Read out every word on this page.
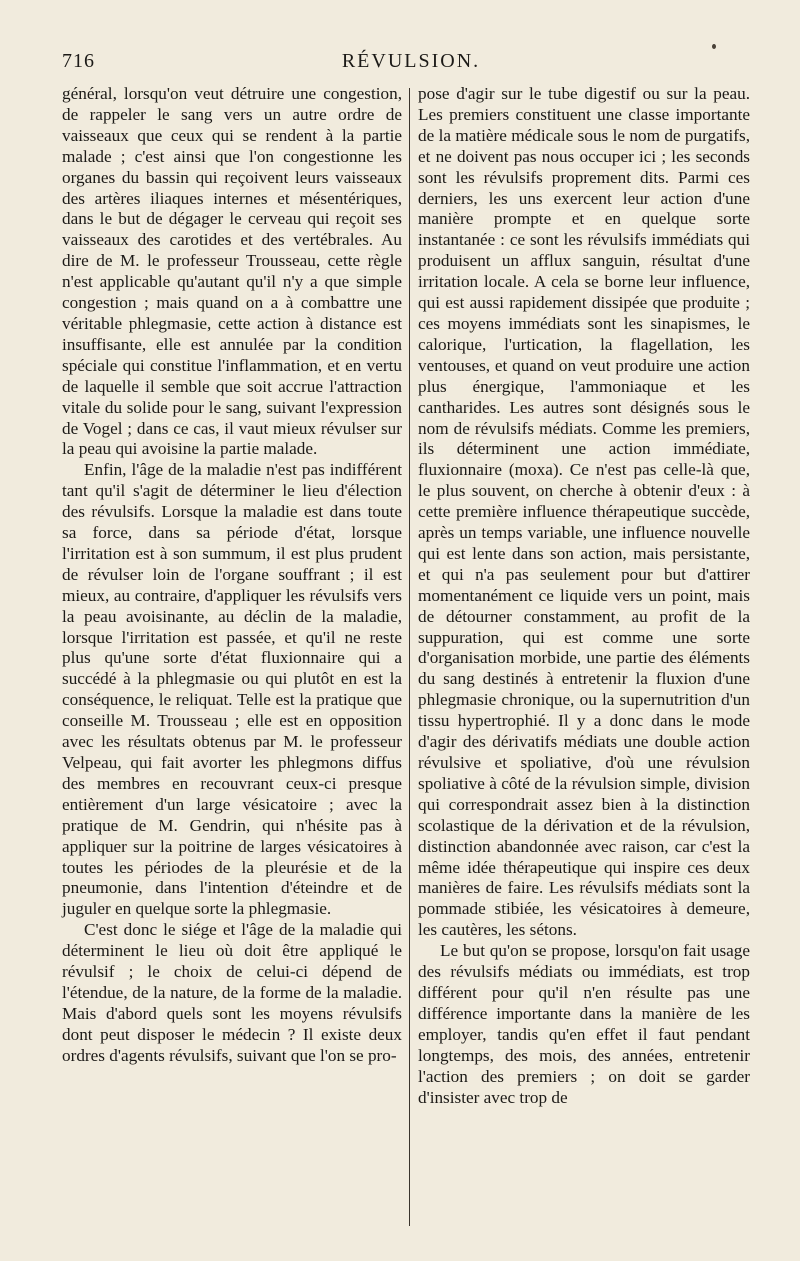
716	RÉVULSION.

général, lorsqu'on veut détruire une congestion, de rappeler le sang vers un autre ordre de vaisseaux que ceux qui se rendent à la partie malade ; c'est ainsi que l'on congestionne les organes du bassin qui reçoivent leurs vaisseaux des artères iliaques internes et mésentériques, dans le but de dégager le cerveau qui reçoit ses vaisseaux des carotides et des vertébrales. Au dire de M. le professeur Trousseau, cette règle n'est applicable qu'autant qu'il n'y a que simple congestion ; mais quand on a à combattre une véritable phlegmasie, cette action à distance est insuffisante, elle est annulée par la condition spéciale qui constitue l'inflammation, et en vertu de laquelle il semble que soit accrue l'attraction vitale du solide pour le sang, suivant l'expression de Vogel ; dans ce cas, il vaut mieux révulser sur la peau qui avoisine la partie malade.

Enfin, l'âge de la maladie n'est pas indifférent tant qu'il s'agit de déterminer le lieu d'élection des révulsifs. Lorsque la maladie est dans toute sa force, dans sa période d'état, lorsque l'irritation est à son summum, il est plus prudent de révulser loin de l'organe souffrant ; il est mieux, au contraire, d'appliquer les révulsifs vers la peau avoisinante, au déclin de la maladie, lorsque l'irritation est passée, et qu'il ne reste plus qu'une sorte d'état fluxionnaire qui a succédé à la phlegmasie ou qui plutôt en est la conséquence, le reliquat. Telle est la pratique que conseille M. Trousseau ; elle est en opposition avec les résultats obtenus par M. le professeur Velpeau, qui fait avorter les phlegmons diffus des membres en recouvrant ceux-ci presque entièrement d'un large vésicatoire ; avec la pratique de M. Gendrin, qui n'hésite pas à appliquer sur la poitrine de larges vésicatoires à toutes les périodes de la pleurésie et de la pneumonie, dans l'intention d'éteindre et de juguler en quelque sorte la phlegmasie.

C'est donc le siége et l'âge de la maladie qui déterminent le lieu où doit être appliqué le révulsif ; le choix de celui-ci dépend de l'étendue, de la nature, de la forme de la maladie. Mais d'abord quels sont les moyens révulsifs dont peut disposer le médecin ? Il existe deux ordres d'agents révulsifs, suivant que l'on se pro-

pose d'agir sur le tube digestif ou sur la peau. Les premiers constituent une classe importante de la matière médicale sous le nom de purgatifs, et ne doivent pas nous occuper ici ; les seconds sont les révulsifs proprement dits. Parmi ces derniers, les uns exercent leur action d'une manière prompte et en quelque sorte instantanée : ce sont les révulsifs immédiats qui produisent un afflux sanguin, résultat d'une irritation locale. A cela se borne leur influence, qui est aussi rapidement dissipée que produite ; ces moyens immédiats sont les sinapismes, le calorique, l'urtication, la flagellation, les ventouses, et quand on veut produire une action plus énergique, l'ammoniaque et les cantharides. Les autres sont désignés sous le nom de révulsifs médiats. Comme les premiers, ils déterminent une action immédiate, fluxionnaire (moxa). Ce n'est pas celle-là que, le plus souvent, on cherche à obtenir d'eux : à cette première influence thérapeutique succède, après un temps variable, une influence nouvelle qui est lente dans son action, mais persistante, et qui n'a pas seulement pour but d'attirer momentanément ce liquide vers un point, mais de détourner constamment, au profit de la suppuration, qui est comme une sorte d'organisation morbide, une partie des éléments du sang destinés à entretenir la fluxion d'une phlegmasie chronique, ou la supernutrition d'un tissu hypertrophié. Il y a donc dans le mode d'agir des dérivatifs médiats une double action révulsive et spoliative, d'où une révulsion spoliative à côté de la révulsion simple, division qui correspondrait assez bien à la distinction scolastique de la dérivation et de la révulsion, distinction abandonnée avec raison, car c'est la même idée thérapeutique qui inspire ces deux manières de faire. Les révulsifs médiats sont la pommade stibiée, les vésicatoires à demeure, les cautères, les sétons.

Le but qu'on se propose, lorsqu'on fait usage des révulsifs médiats ou immédiats, est trop différent pour qu'il n'en résulte pas une différence importante dans la manière de les employer, tandis qu'en effet il faut pendant longtemps, des mois, des années, entretenir l'action des premiers ; on doit se garder d'insister avec trop de
